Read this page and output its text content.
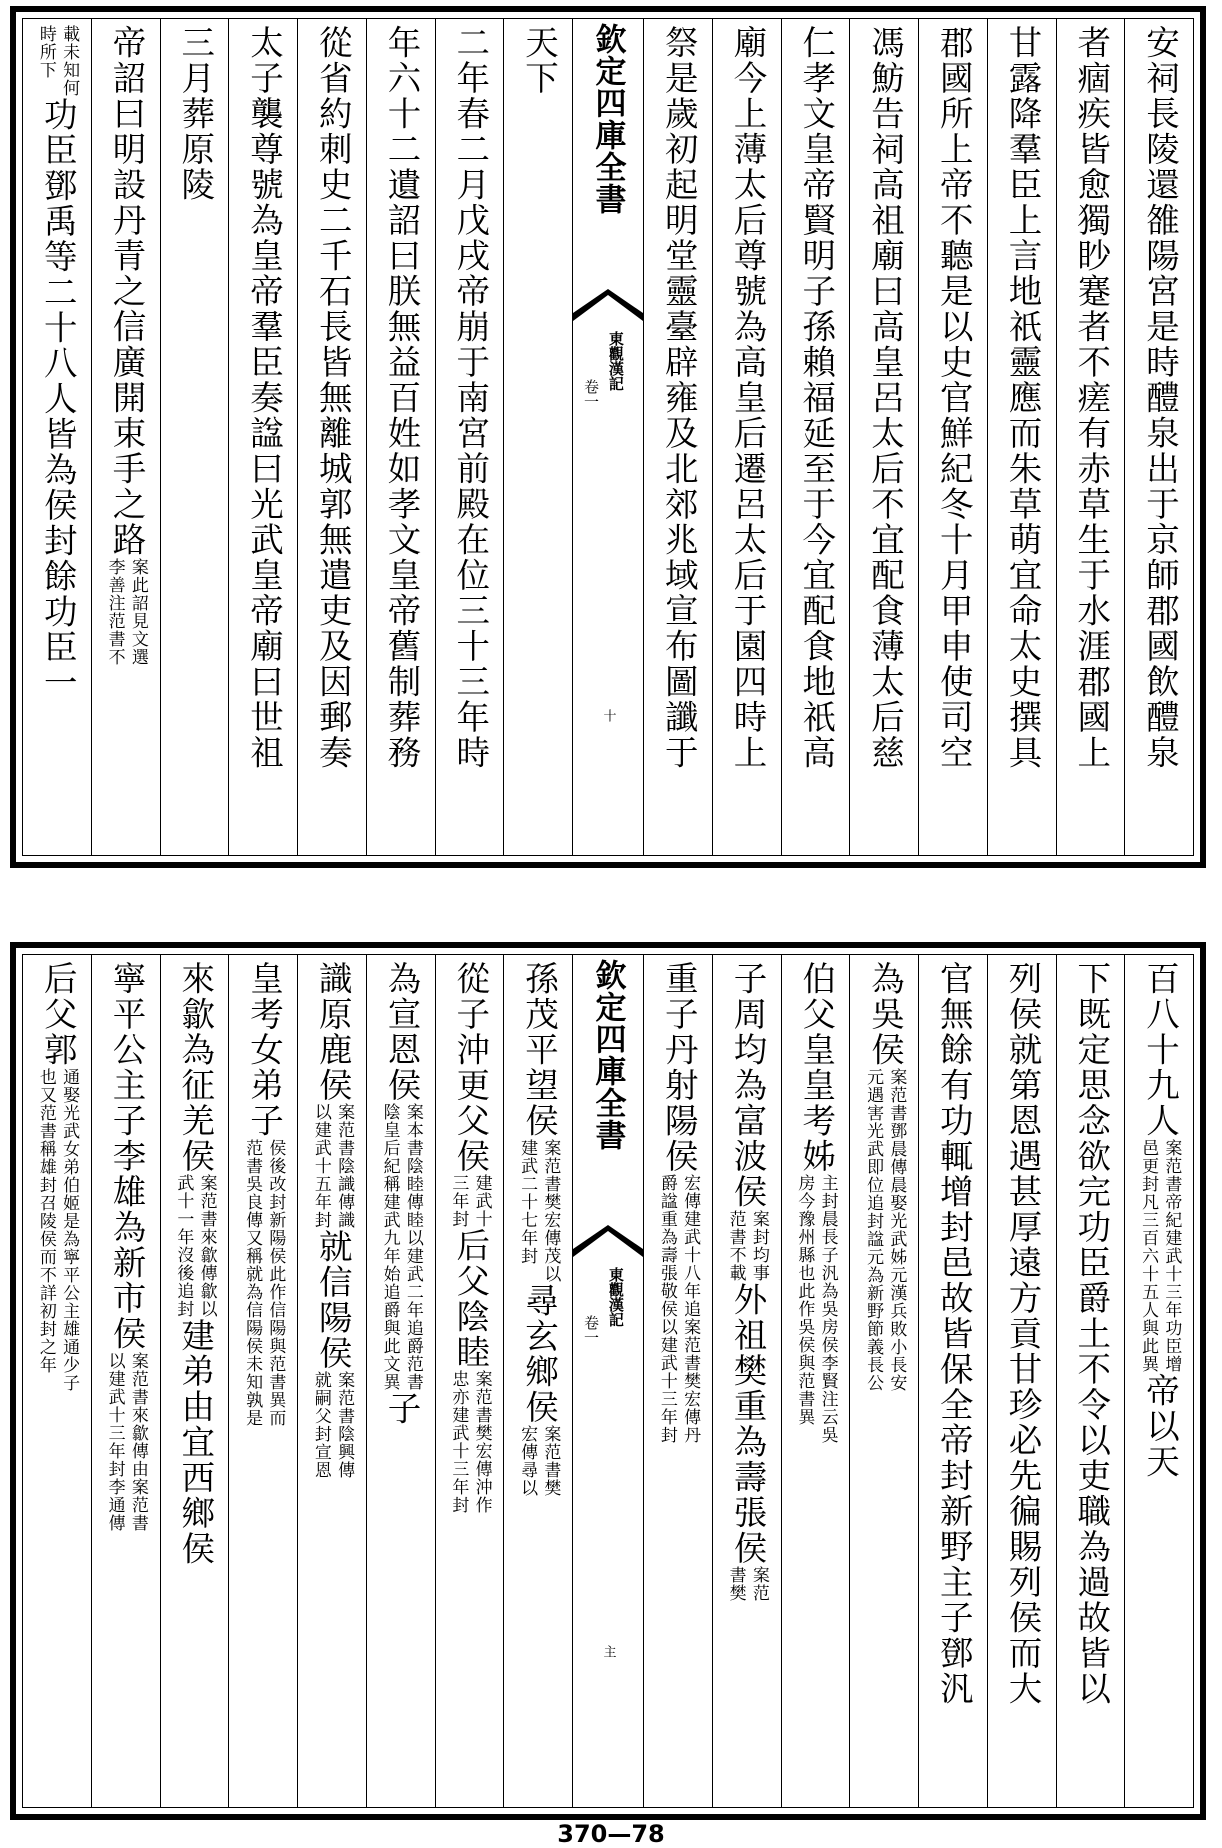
安祠長陵還雒陽宮是時醴泉出于京師郡國飲醴泉
者痼疾皆愈獨眇蹇者不瘥有赤草生于水涯郡國上
甘露降羣臣上言地祇靈應而朱草萌宜命太史撰具
郡國所上帝不聽是以史官鮮紀冬十月甲申使司空
馮魴告祠高祖廟曰高皇呂太后不宜配食薄太后慈
仁孝文皇帝賢明子孫賴福延至于今宜配食地祇高
廟今上薄太后尊號為高皇后遷呂太后于園四時上
祭是歲初起明堂靈臺辟雍及北郊兆域宣布圖讖于
欽定四庫全書
東觀漢記
卷一
十
天下
二年春二月戊戌帝崩于南宮前殿在位三十三年時
年六十二遺詔曰朕無益百姓如孝文皇帝舊制葬務
從省約刺史二千石長皆無離城郭無遣吏及因郵奏
太子襲尊號為皇帝羣臣奏諡曰光武皇帝廟曰世祖
三月葬原陵
帝詔曰明設丹青之信廣開束手之路
案此詔見文選
李善注范書不
載未知何
時所下
功臣鄧禹等二十八人皆為侯封餘功臣一
百八十九人
案范書帝紀建武十三年功臣增
邑更封凡三百六十五人與此異
帝以天
下既定思念欲完功臣爵土不令以吏職為過故皆以
列侯就第恩遇甚厚遠方貢甘珍必先徧賜列侯而大
官無餘有功輒增封邑故皆保全帝封新野主子鄧汎
為吳侯
案范書鄧晨傳晨娶光武姊元漢兵敗小長安
元遇害光武即位追封諡元為新野節義長公
伯父皇皇考姊
主封晨長子汎為吳房侯李賢注云吳
房今豫州縣也此作吳侯與范書異
子周均為富波侯
案封均事
范書不載
外祖樊重為壽張侯
案范
書樊
重子丹射陽侯
宏傳建武十八年追
爵諡重為壽張敬侯
案范書樊宏傳丹
以建武十三年封
欽定四庫全書
東觀漢記
卷一
主
孫茂平望侯
案范書樊宏傳茂以
建武二十七年封
尋玄鄉侯
案范書樊
宏傳尋以
從子沖更父侯
建武十
三年封
后父陰睦
案范書樊宏傳沖作
忠亦建武十三年封
為宣恩侯
案本書陰睦傳睦以建武二年追爵范書
陰皇后紀稱建武九年始追爵與此文異
子
識原鹿侯
案范書陰識傳識
以建武十五年封
就信陽侯
案范書陰興傳
就嗣父封宣恩
皇考女弟子
侯後改封新陽侯此作信陽與范書異而
范書吳良傳又稱就為信陽侯未知孰是
來歙為征羌侯
案范書來歙傳歙以
武十一年沒後追封
建弟由宜西鄉侯
寧平公主子李雄為新市侯
案范書來歙傳由
以建武十三年封
案范書
李通傳
后父郭
通娶光武女弟伯姬是為寧平公主雄通少子
也又范書稱雄封召陵侯而不詳初封之年
370—78
